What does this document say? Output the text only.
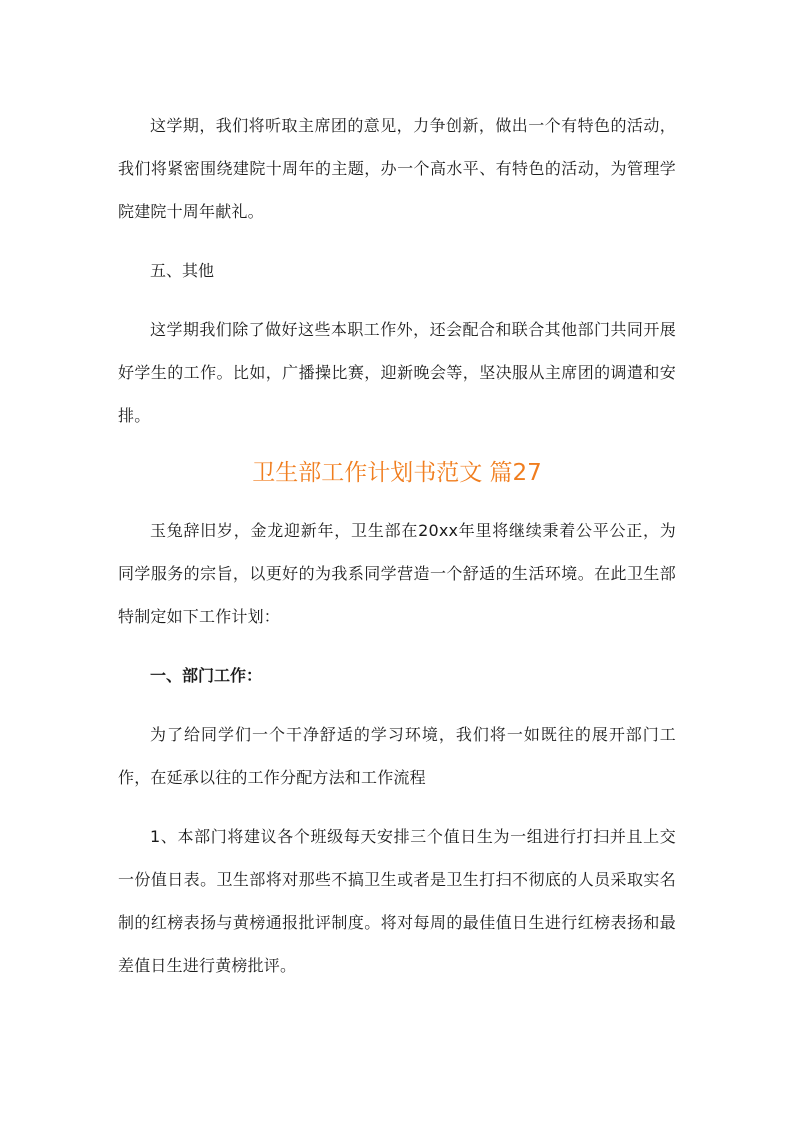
这学期，我们将听取主席团的意见，力争创新，做出一个有特色的活动，我们将紧密围绕建院十周年的主题，办一个高水平、有特色的活动，为管理学院建院十周年献礼。

五、其他

这学期我们除了做好这些本职工作外，还会配合和联合其他部门共同开展好学生的工作。比如，广播操比赛，迎新晚会等，坚决服从主席团的调遣和安排。

卫生部工作计划书范文 篇27

玉兔辞旧岁，金龙迎新年，卫生部在20xx年里将继续秉着公平公正，为同学服务的宗旨，以更好的为我系同学营造一个舒适的生活环境。在此卫生部特制定如下工作计划：

一、部门工作：

为了给同学们一个干净舒适的学习环境，我们将一如既往的展开部门工作，在延承以往的工作分配方法和工作流程

1、本部门将建议各个班级每天安排三个值日生为一组进行打扫并且上交一份值日表。卫生部将对那些不搞卫生或者是卫生打扫不彻底的人员采取实名制的红榜表扬与黄榜通报批评制度。将对每周的最佳值日生进行红榜表扬和最差值日生进行黄榜批评。
